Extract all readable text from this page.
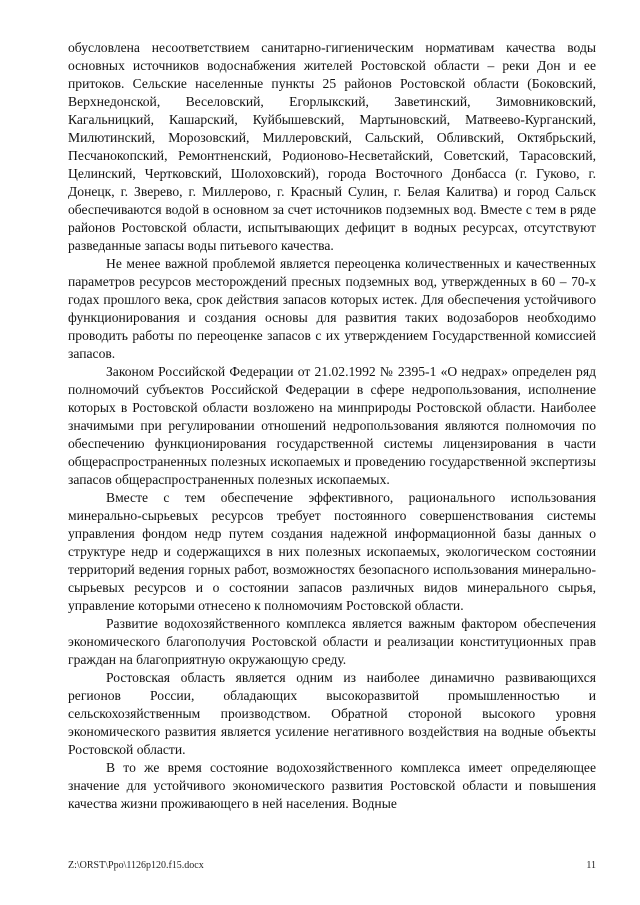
обусловлена несоответствием санитарно-гигиеническим нормативам качества воды основных источников водоснабжения жителей Ростовской области – реки Дон и ее притоков. Сельские населенные пункты 25 районов Ростовской области (Боковский, Верхнедонской, Веселовский, Егорлыкский, Заветинский, Зимовниковский, Кагальницкий, Кашарский, Куйбышевский, Мартыновский, Матвеево-Курганский, Милютинский, Морозовский, Миллеровский, Сальский, Обливский, Октябрьский, Песчанокопский, Ремонтненский, Родионово-Несветайский, Советский, Тарасовский, Целинский, Чертковский, Шолоховский), города Восточного Донбасса (г. Гуково, г. Донецк, г. Зверево, г. Миллерово, г. Красный Сулин, г. Белая Калитва) и город Сальск обеспечиваются водой в основном за счет источников подземных вод. Вместе с тем в ряде районов Ростовской области, испытывающих дефицит в водных ресурсах, отсутствуют разведанные запасы воды питьевого качества.

Не менее важной проблемой является переоценка количественных и качественных параметров ресурсов месторождений пресных подземных вод, утвержденных в 60 – 70-х годах прошлого века, срок действия запасов которых истек. Для обеспечения устойчивого функционирования и создания основы для развития таких водозаборов необходимо проводить работы по переоценке запасов с их утверждением Государственной комиссией запасов.

Законом Российской Федерации от 21.02.1992 № 2395-1 «О недрах» определен ряд полномочий субъектов Российской Федерации в сфере недропользования, исполнение которых в Ростовской области возложено на минприроды Ростовской области. Наиболее значимыми при регулировании отношений недропользования являются полномочия по обеспечению функционирования государственной системы лицензирования в части общераспространенных полезных ископаемых и проведению государственной экспертизы запасов общераспространенных полезных ископаемых.

Вместе с тем обеспечение эффективного, рационального использования минерально-сырьевых ресурсов требует постоянного совершенствования системы управления фондом недр путем создания надежной информационной базы данных о структуре недр и содержащихся в них полезных ископаемых, экологическом состоянии территорий ведения горных работ, возможностях безопасного использования минерально-сырьевых ресурсов и о состоянии запасов различных видов минерального сырья, управление которыми отнесено к полномочиям Ростовской области.

Развитие водохозяйственного комплекса является важным фактором обеспечения экономического благополучия Ростовской области и реализации конституционных прав граждан на благоприятную окружающую среду.

Ростовская область является одним из наиболее динамично развивающихся регионов России, обладающих высокоразвитой промышленностью и сельскохозяйственным производством. Обратной стороной высокого уровня экономического развития является усиление негативного воздействия на водные объекты Ростовской области.

В то же время состояние водохозяйственного комплекса имеет определяющее значение для устойчивого экономического развития Ростовской области и повышения качества жизни проживающего в ней населения. Водные

Z:\ORST\Ppo\1126p120.f15.docx	11
